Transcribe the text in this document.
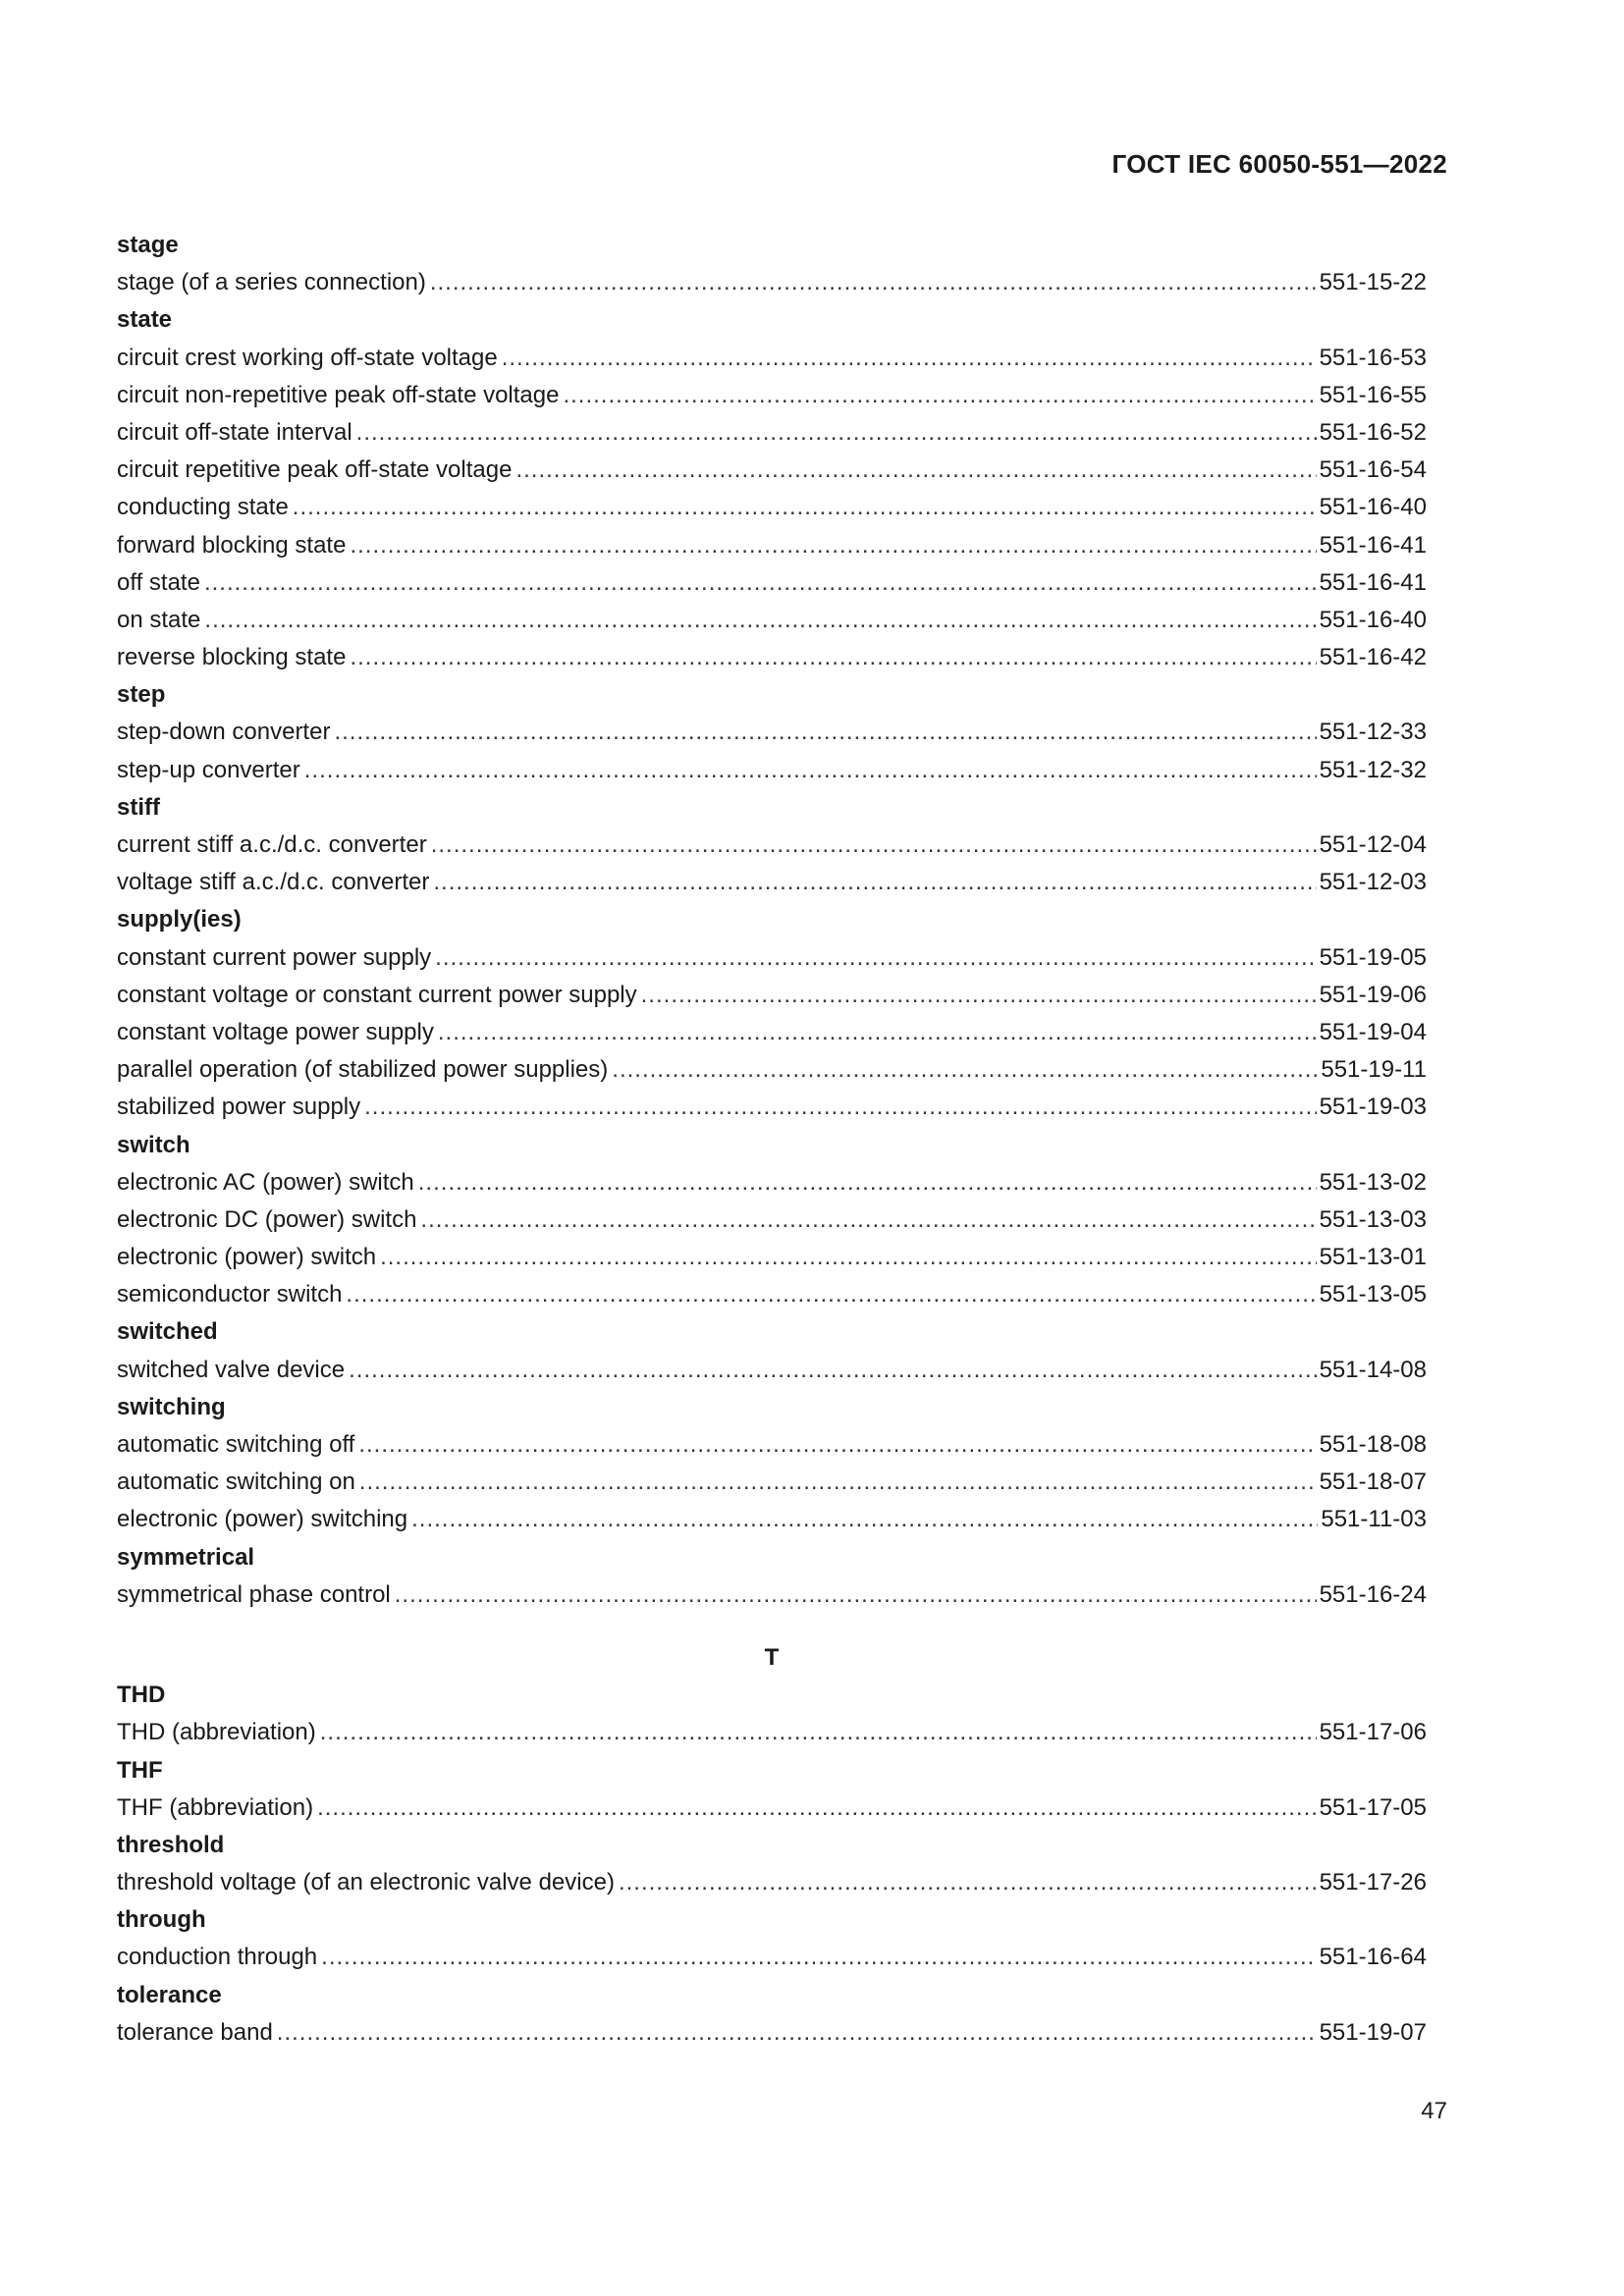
ГОСТ IEC 60050-551—2022
stage
stage (of a series connection) .....	551-15-22
state
circuit crest working off-state voltage .....	551-16-53
circuit non-repetitive peak off-state voltage .....	551-16-55
circuit off-state interval .....	551-16-52
circuit repetitive peak off-state voltage .....	551-16-54
conducting state .....	551-16-40
forward blocking state .....	551-16-41
off state .....	551-16-41
on state .....	551-16-40
reverse blocking state .....	551-16-42
step
step-down converter .....	551-12-33
step-up converter .....	551-12-32
stiff
current stiff a.c./d.c. converter .....	551-12-04
voltage stiff a.c./d.c. converter .....	551-12-03
supply(ies)
constant current power supply .....	551-19-05
constant voltage or constant current power supply .....	551-19-06
constant voltage power supply .....	551-19-04
parallel operation (of stabilized power supplies) .....	551-19-11
stabilized power supply .....	551-19-03
switch
electronic AC (power) switch .....	551-13-02
electronic DC (power) switch .....	551-13-03
electronic (power) switch .....	551-13-01
semiconductor switch .....	551-13-05
switched
switched valve device .....	551-14-08
switching
automatic switching off .....	551-18-08
automatic switching on .....	551-18-07
electronic (power) switching .....	551-11-03
symmetrical
symmetrical phase control .....	551-16-24
T
THD
THD (abbreviation) .....	551-17-06
THF
THF (abbreviation) .....	551-17-05
threshold
threshold voltage (of an electronic valve device) .....	551-17-26
through
conduction through .....	551-16-64
tolerance
tolerance band .....	551-19-07
47
